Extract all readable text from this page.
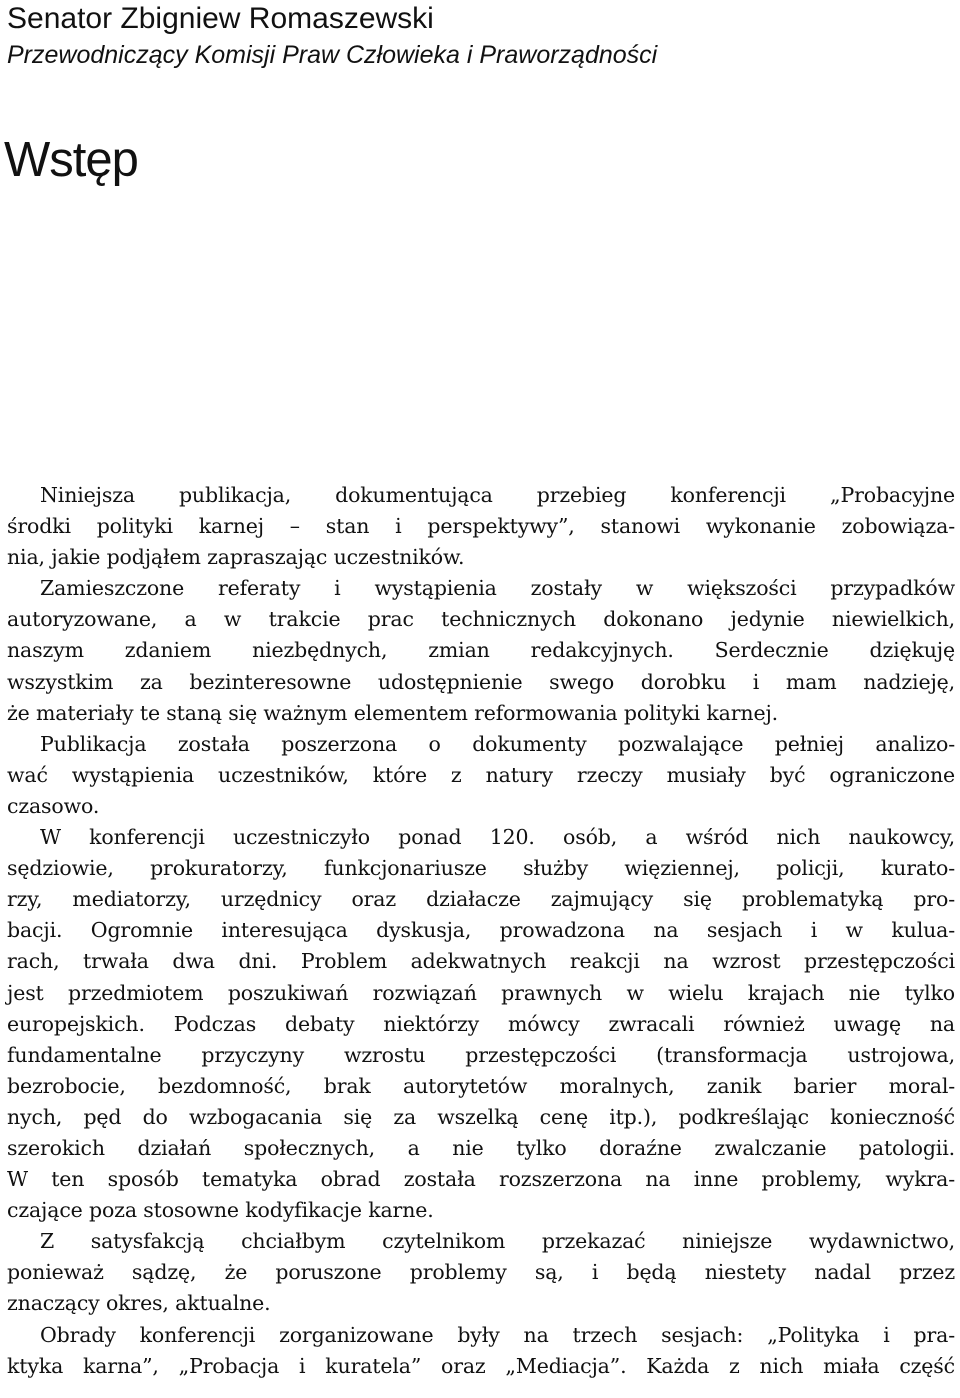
Senator Zbigniew Romaszewski
Przewodniczący Komisji Praw Człowieka i Praworządności
Wstęp
Niniejsza publikacja, dokumentująca przebieg konferencji „Probacyjne
środki polityki karnej – stan i perspektywy”, stanowi wykonanie zobowiąza-
nia, jakie podjąłem zapraszając uczestników.
Zamieszczone referaty i wystąpienia zostały w większości przypadków
autoryzowane, a w trakcie prac technicznych dokonano jedynie niewielkich,
naszym zdaniem niezbędnych, zmian redakcyjnych. Serdecznie dziękuję
wszystkim za bezinteresowne udostępnienie swego dorobku i mam nadzieję,
że materiały te staną się ważnym elementem reformowania polityki karnej.
Publikacja została poszerzona o dokumenty pozwalające pełniej analizo-
wać wystąpienia uczestników, które z natury rzeczy musiały być ograniczone
czasowo.
W konferencji uczestniczyło ponad 120. osób, a wśród nich naukowcy,
sędziowie, prokuratorzy, funkcjonariusze służby więziennej, policji, kurato-
rzy, mediatorzy, urzędnicy oraz działacze zajmujący się problematyką pro-
bacji. Ogromnie interesująca dyskusja, prowadzona na sesjach i w kulua-
rach, trwała dwa dni. Problem adekwatnych reakcji na wzrost przestępczości
jest przedmiotem poszukiwań rozwiązań prawnych w wielu krajach nie tylko
europejskich. Podczas debaty niektórzy mówcy zwracali również uwagę na
fundamentalne przyczyny wzrostu przestępczości (transformacja ustrojowa,
bezrobocie, bezdomność, brak autorytetów moralnych, zanik barier moral-
nych, pęd do wzbogacania się za wszelką cenę itp.), podkreślając konieczność
szerokich działań społecznych, a nie tylko doraźne zwalczanie patologii.
W ten sposób tematyka obrad została rozszerzona na inne problemy, wykra-
czające poza stosowne kodyfikacje karne.
Z satysfakcją chciałbym czytelnikom przekazać niniejsze wydawnictwo,
ponieważ sądzę, że poruszone problemy są, i będą niestety nadal przez
znaczący okres, aktualne.
Obrady konferencji zorganizowane były na trzech sesjach: „Polityka i pra-
ktyka karna”, „Probacja i kuratela” oraz „Mediacja”. Każda z nich miała część
